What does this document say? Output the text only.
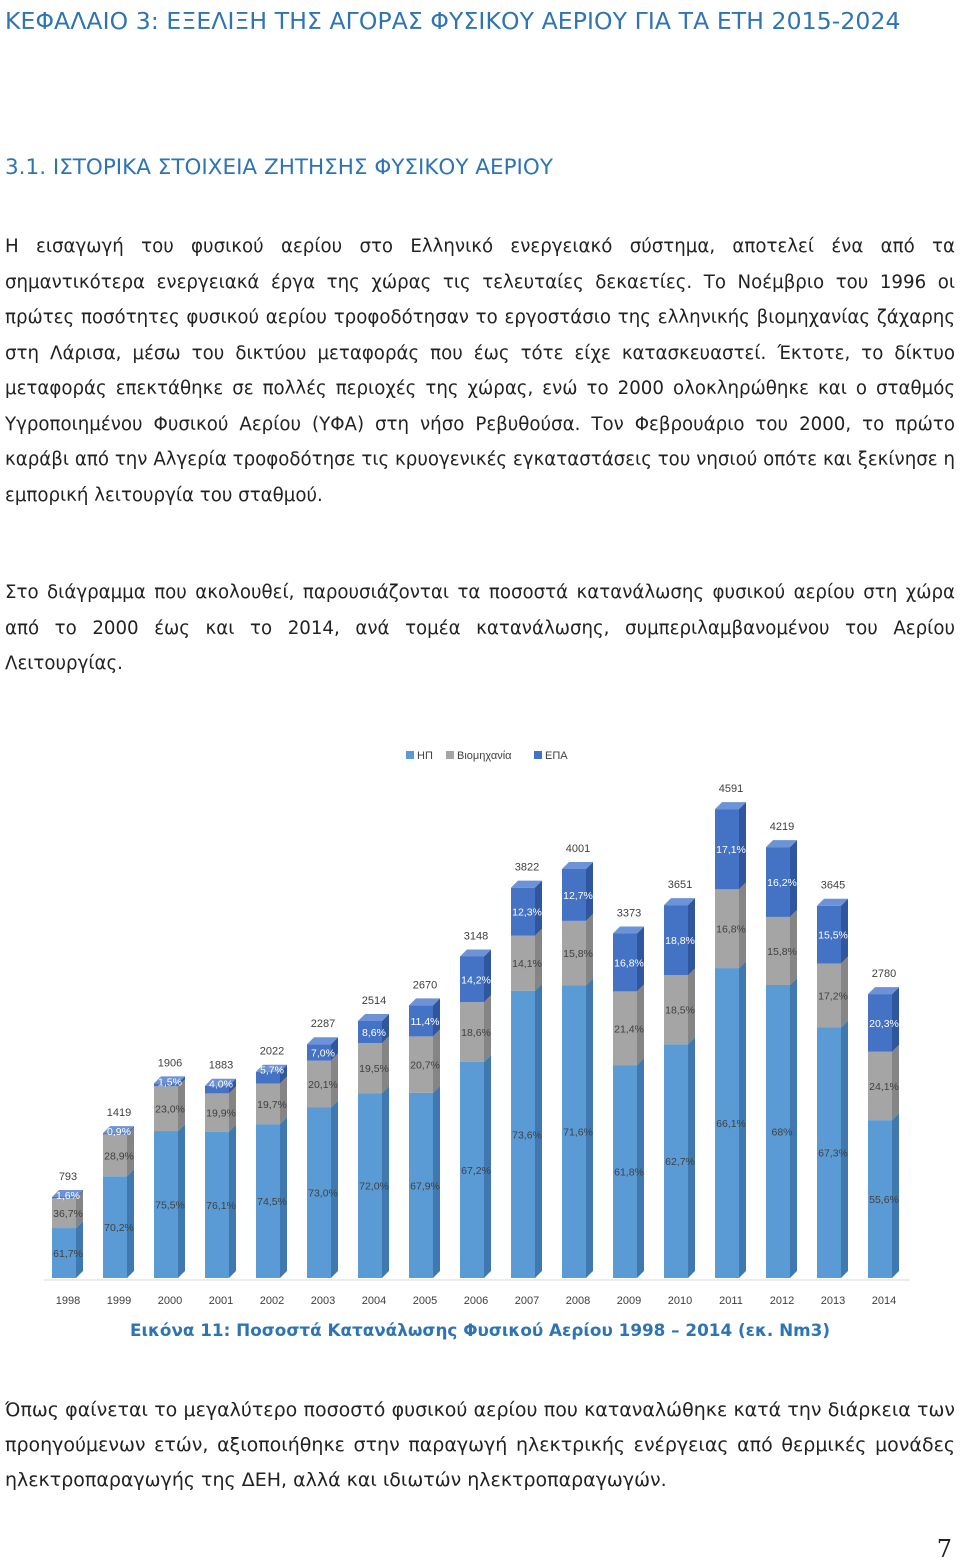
ΚΕΦΑΛΑΙΟ 3: ΕΞΕΛΙΞΗ ΤΗΣ ΑΓΟΡΑΣ ΦΥΣΙΚΟΥ ΑΕΡΙΟΥ ΓΙΑ ΤΑ ΕΤΗ 2015-2024
3.1. ΙΣΤΟΡΙΚΑ ΣΤΟΙΧΕΙΑ ΖΗΤΗΣΗΣ ΦΥΣΙΚΟΥ ΑΕΡΙΟΥ

Η εισαγωγή του φυσικού αερίου στο Ελληνικό ενεργειακό σύστημα, αποτελεί ένα από τα σημαντικότερα ενεργειακά έργα της χώρας τις τελευταίες δεκαετίες. Το Νοέμβριο του 1996 οι πρώτες ποσότητες φυσικού αερίου τροφοδότησαν το εργοστάσιο της ελληνικής βιομηχανίας ζάχαρης στη Λάρισα, μέσω του δικτύου μεταφοράς που έως τότε είχε κατασκευαστεί. Έκτοτε, το δίκτυο μεταφοράς επεκτάθηκε σε πολλές περιοχές της χώρας, ενώ το 2000 ολοκληρώθηκε και ο σταθμός Υγροποιημένου Φυσικού Αερίου (ΥΦΑ) στη νήσο Ρεβυθούσα. Τον Φεβρουάριο του 2000, το πρώτο καράβι από την Αλγερία τροφοδότησε τις κρυογενικές εγκαταστάσεις του νησιού οπότε και ξεκίνησε η εμπορική λειτουργία του σταθμού.

Στο διάγραμμα που ακολουθεί, παρουσιάζονται τα ποσοστά κατανάλωσης φυσικού αερίου στη χώρα από το 2000 έως και το 2014, ανά τομέα κατανάλωσης, συμπεριλαμβανομένου του Αερίου Λειτουργίας.

61,7%
36,7%
1,6%
793
1998
70,2%
28,9%
0,9%
1419
1999
75,5%
23,0%
1,5%
1906
2000
76,1%
19,9%
4,0%
1883
2001
74,5%
19,7%
5,7%
2022
2002
73,0%
20,1%
7,0%
2287
2003
72,0%
19,5%
8,6%
2514
2004
67,9%
20,7%
11,4%
2670
2005
67,2%
18,6%
14,2%
3148
2006
73,6%
14,1%
12,3%
3822
2007
71,6%
15,8%
12,7%
4001
2008
61,8%
21,4%
16,8%
3373
2009
62,7%
18,5%
18,8%
3651
2010
66,1%
16,8%
17,1%
4591
2011
68%
15,8%
16,2%
4219
2012
67,3%
17,2%
15,5%
3645
2013
55,6%
24,1%
20,3%
2780
2014
ΗΠ Βιομηχανία	ΕΠΑ
Εικόνα 11: Ποσοστά Κατανάλωσης Φυσικού Αερίου 1998 – 2014 (εκ. Nm3)

Όπως φαίνεται το μεγαλύτερο ποσοστό φυσικού αερίου που καταναλώθηκε κατά την διάρκεια των προηγούμενων ετών, αξιοποιήθηκε στην παραγωγή ηλεκτρικής ενέργειας από θερμικές μονάδες ηλεκτροπαραγωγής της ΔΕΗ, αλλά και ιδιωτών ηλεκτροπαραγωγών.

7
